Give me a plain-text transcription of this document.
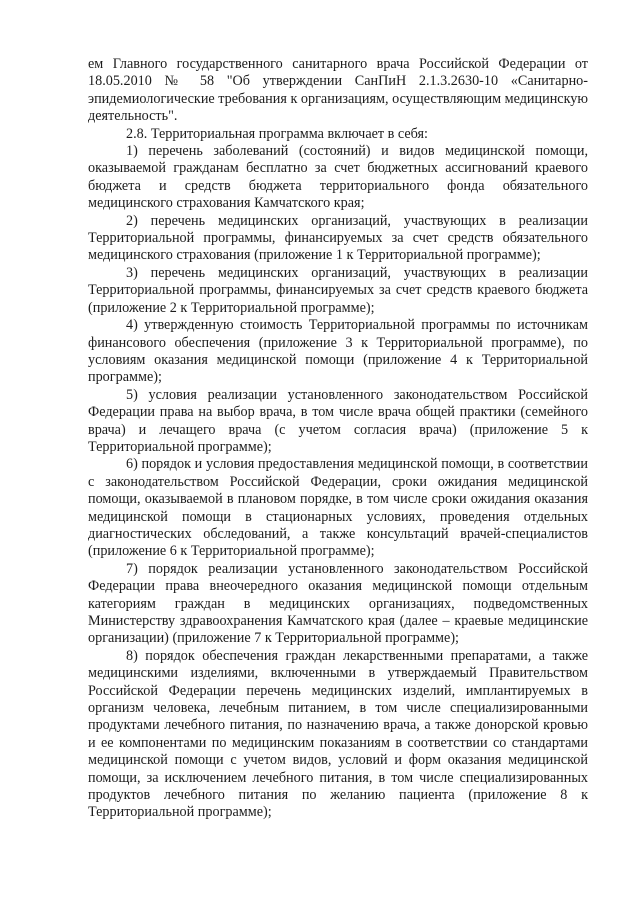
ем Главного государственного санитарного врача Российской Федерации от 18.05.2010 № 58 "Об утверждении СанПиН 2.1.3.2630-10 «Санитарно-эпидемиологические требования к организациям, осуществляющим медицинскую деятельность".

2.8. Территориальная программа включает в себя:

1) перечень заболеваний (состояний) и видов медицинской помощи, оказываемой гражданам бесплатно за счет бюджетных ассигнований краевого бюджета и средств бюджета территориального фонда обязательного медицинского страхования Камчатского края;

2) перечень медицинских организаций, участвующих в реализации Территориальной программы, финансируемых за счет средств обязательного медицинского страхования (приложение 1 к Территориальной программе);

3) перечень медицинских организаций, участвующих в реализации Территориальной программы, финансируемых за счет средств краевого бюджета (приложение 2 к Территориальной программе);

4) утвержденную стоимость Территориальной программы по источникам финансового обеспечения (приложение 3 к Территориальной программе), по условиям оказания медицинской помощи (приложение 4 к Территориальной программе);

5) условия реализации установленного законодательством Российской Федерации права на выбор врача, в том числе врача общей практики (семейного врача) и лечащего врача (с учетом согласия врача) (приложение 5 к Территориальной программе);

6) порядок и условия предоставления медицинской помощи, в соответствии с законодательством Российской Федерации, сроки ожидания медицинской помощи, оказываемой в плановом порядке, в том числе сроки ожидания оказания медицинской помощи в стационарных условиях, проведения отдельных диагностических обследований, а также консультаций врачей-специалистов (приложение 6 к Территориальной программе);

7) порядок реализации установленного законодательством Российской Федерации права внеочередного оказания медицинской помощи отдельным категориям граждан в медицинских организациях, подведомственных Министерству здравоохранения Камчатского края (далее – краевые медицинские организации) (приложение 7 к Территориальной программе);

8) порядок обеспечения граждан лекарственными препаратами, а также медицинскими изделиями, включенными в утверждаемый Правительством Российской Федерации перечень медицинских изделий, имплантируемых в организм человека, лечебным питанием, в том числе специализированными продуктами лечебного питания, по назначению врача, а также донорской кровью и ее компонентами по медицинским показаниям в соответствии со стандартами медицинской помощи с учетом видов, условий и форм оказания медицинской помощи, за исключением лечебного питания, в том числе специализированных продуктов лечебного питания по желанию пациента (приложение 8 к Территориальной программе);
